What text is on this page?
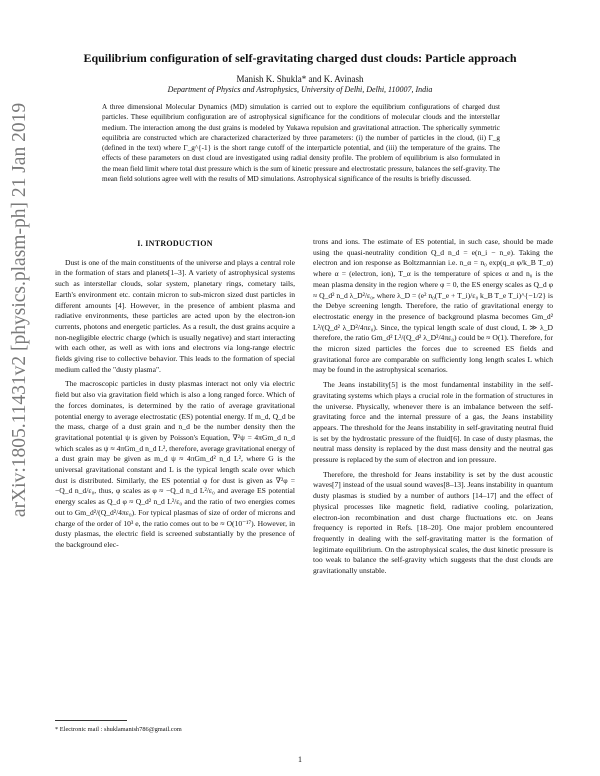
arXiv:1805.11431v2 [physics.plasm-ph] 21 Jan 2019
Equilibrium configuration of self-gravitating charged dust clouds: Particle approach
Manish K. Shukla* and K. Avinash
Department of Physics and Astrophysics, University of Delhi, Delhi, 110007, India

A three dimensional Molecular Dynamics (MD) simulation is carried out to explore the equilibrium configurations of charged dust particles. These equilibrium configuration are of astrophysical significance for the conditions of molecular clouds and the interstellar medium. The interaction among the dust grains is modeled by Yukawa repulsion and gravitational attraction. The spherically symmetric equilibria are constructed which are characterized characterized by three parameters: (i) the number of particles in the cloud, (ii) Γ_g (defined in the text) where Γ_g^{-1} is the short range cutoff of the interparticle potential, and (iii) the temperature of the grains. The effects of these parameters on dust cloud are investigated using radial density profile. The problem of equilibrium is also formulated in the mean field limit where total dust pressure which is the sum of kinetic pressure and electrostatic pressure, balances the self-gravity. The mean field solutions agree well with the results of MD simulations. Astrophysical significance of the results is briefly discussed.

I. INTRODUCTION

Dust is one of the main constituents of the universe and plays a central role in the formation of stars and planets[1–3]. A variety of astrophysical systems such as interstellar clouds, solar system, planetary rings, cometary tails, Earth's environment etc. contain micron to sub-micron sized dust particles in different amounts [4]. However, in the presence of ambient plasma and radiative environments, these particles are acted upon by the electron-ion currents, photons and energetic particles. As a result, the dust grains acquire a non-negligible electric charge (which is usually negative) and start interacting with each other, as well as with ions and electrons via long-range electric fields giving rise to collective behavior. This leads to the formation of special medium called the "dusty plasma".

The macroscopic particles in dusty plasmas interact not only via electric field but also via gravitation field which is also a long ranged force. Which of the forces dominates, is determined by the ratio of average gravitational potential energy to average electrostatic (ES) potential energy. If m_d, Q_d be the mass, charge of a dust grain and n_d be the number density then the gravitational potential ψ is given by Poisson's Equation, ∇²ψ = 4πGm_d n_d which scales as ψ ≈ 4πGm_d n_d L², therefore, average gravitational energy of a dust grain may be given as m_d ψ ≈ 4πGm_d² n_d L², where G is the universal gravitational constant and L is the typical length scale over which dust is distributed. Similarly, the ES potential φ for dust is given as ∇²φ = −Q_d n_d/ε₀, thus, φ scales as φ ≈ −Q_d n_d L²/ε₀ and average ES potential energy scales as Q_d φ ≈ Q_d² n_d L²/ε₀ and the ratio of two energies comes out to Gm_d²/(Q_d²/4πε₀). For typical plasmas of size of order of microns and charge of the order of 10³ e, the ratio comes out to be ≈ O(10⁻¹⁷). However, in dusty plasmas, the electric field is screened substantially by the presence of the background elec-

trons and ions. The estimate of ES potential, in such case, should be made using the quasi-neutrality condition Q_d n_d = e(n_i − n_e). Taking the electron and ion response as Boltzmannian i.e. n_α = n₀ exp(q_α φ/k_B T_α) where α = (electron, ion), T_α is the temperature of spices α and n₀ is the mean plasma density in the region where φ = 0, the ES energy scales as Q_d φ ≈ Q_d² n_d λ_D²/ε₀, where λ_D = (e² n₀(T_e + T_i)/ε₀ k_B T_e T_i)^{−1/2} is the Debye screening length. Therefore, the ratio of gravitational energy to electrostatic energy in the presence of background plasma becomes Gm_d² L²/(Q_d² λ_D²/4πε₀). Since, the typical length scale of dust cloud, L ≫ λ_D therefore, the ratio Gm_d² L²/(Q_d² λ_D²/4πε₀) could be ≈ O(1). Therefore, for the micron sized particles the forces due to screened ES fields and gravitational force are comparable on sufficiently long length scales L which may be found in the astrophysical scenarios.

The Jeans instability[5] is the most fundamental instability in the self-gravitating systems which plays a crucial role in the formation of structures in the universe. Physically, whenever there is an imbalance between the self-gravitating force and the internal pressure of a gas, the Jeans instability appears. The threshold for the Jeans instability in self-gravitating neutral fluid is set by the hydrostatic pressure of the fluid[6]. In case of dusty plasmas, the neutral mass density is replaced by the dust mass density and the neutral gas pressure is replaced by the sum of electron and ion pressure.

Therefore, the threshold for Jeans instability is set by the dust acoustic waves[7] instead of the usual sound waves[8–13]. Jeans instability in quantum dusty plasmas is studied by a number of authors [14–17] and the effect of physical processes like magnetic field, radiative cooling, polarization, electron-ion recombination and dust charge fluctuations etc. on Jeans frequency is reported in Refs. [18–20]. One major problem encountered frequently in dealing with the self-gravitating matter is the formation of legitimate equilibrium. On the astrophysical scales, the dust kinetic pressure is too weak to balance the self-gravity which suggests that the dust clouds are gravitationally unstable.

* Electronic mail : shuklamanish786@gmail.com
1
